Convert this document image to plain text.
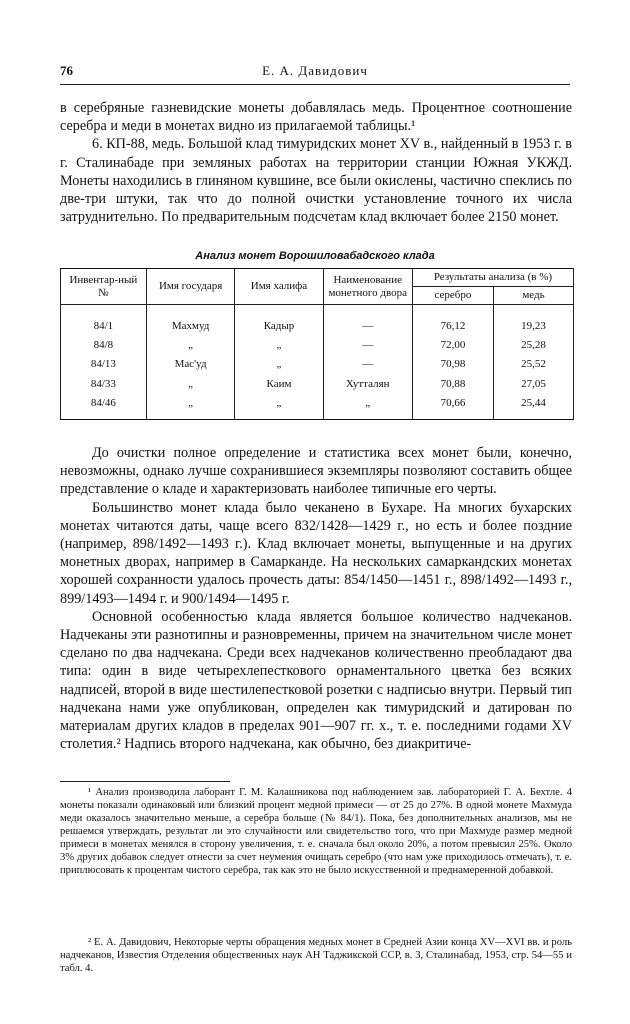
76	Е. А. Давидович

в серебряные газневидские монеты добавлялась медь. Процентное соотношение серебра и меди в монетах видно из прилагаемой таблицы.¹

6. КП-88, медь. Большой клад тимуридских монет XV в., найденный в 1953 г. в г. Сталинабаде при земляных работах на территории станции Южная УКЖД. Монеты находились в глиняном кувшине, все были окислены, частично спеклись по две-три штуки, так что до полной очистки установление точного их числа затруднительно. По предварительным подсчетам клад включает более 2150 монет.

Анализ монет Ворошиловабадского клада
Инвентар-ный №	Имя государя	Имя халифа	Наименование монетного двора	Результаты анализа (в %)	
				серебро	медь
84/1	Махмуд	Кадыр	—	76,12	19,23
84/8	„	„	—	72,00	25,28
84/13	Мас'уд	„	—	70,98	25,52
84/33	„	Каим	Хутталян	70,88	27,05
84/46	„	„	„	70,66	25,44

До очистки полное определение и статистика всех монет были, конечно, невозможны, однако лучше сохранившиеся экземпляры позволяют составить общее представление о кладе и характеризовать наиболее типичные его черты.

Большинство монет клада было чеканено в Бухаре. На многих бухарских монетах читаются даты, чаще всего 832/1428—1429 г., но есть и более поздние (например, 898/1492—1493 г.). Клад включает монеты, выпущенные и на других монетных дворах, например в Самарканде. На нескольких самаркандских монетах хорошей сохранности удалось прочесть даты: 854/1450—1451 г., 898/1492—1493 г., 899/1493—1494 г. и 900/1494—1495 г.

Основной особенностью клада является большое количество надчеканов. Надчеканы эти разнотипны и разновременны, причем на значительном числе монет сделано по два надчекана. Среди всех надчеканов количественно преобладают два типа: один в виде четырехлепесткового орнаментального цветка без всяких надписей, второй в виде шестилепестковой розетки с надписью внутри. Первый тип надчекана нами уже опубликован, определен как тимуридский и датирован по материалам других кладов в пределах 901—907 гг. х., т. е. последними годами XV столетия.² Надпись второго надчекана, как обычно, без диакритиче-

¹ Анализ производила лаборант Г. М. Калашникова под наблюдением зав. лабораторией Г. А. Бехтле. 4 монеты показали одинаковый или близкий процент медной примеси — от 25 до 27%. В одной монете Махмуда меди оказалось значительно меньше, а серебра больше (№ 84/1). Пока, без дополнительных анализов, мы не решаемся утверждать, результат ли это случайности или свидетельство того, что при Махмуде размер медной примеси в монетах менялся в сторону увеличения, т. е. сначала был около 20%, а потом превысил 25%. Около 3% других добавок следует отнести за счет неумения очищать серебро (что нам уже приходилось отмечать), т. е. приплюсовать к процентам чистого серебра, так как это не было искусственной и преднамеренной добавкой.

² Е. А. Давидович, Некоторые черты обращения медных монет в Средней Азии конца XV—XVI вв. и роль надчеканов, Известия Отделения общественных наук АН Таджикской ССР, в. 3, Сталинабад, 1953, стр. 54—55 и табл. 4.
